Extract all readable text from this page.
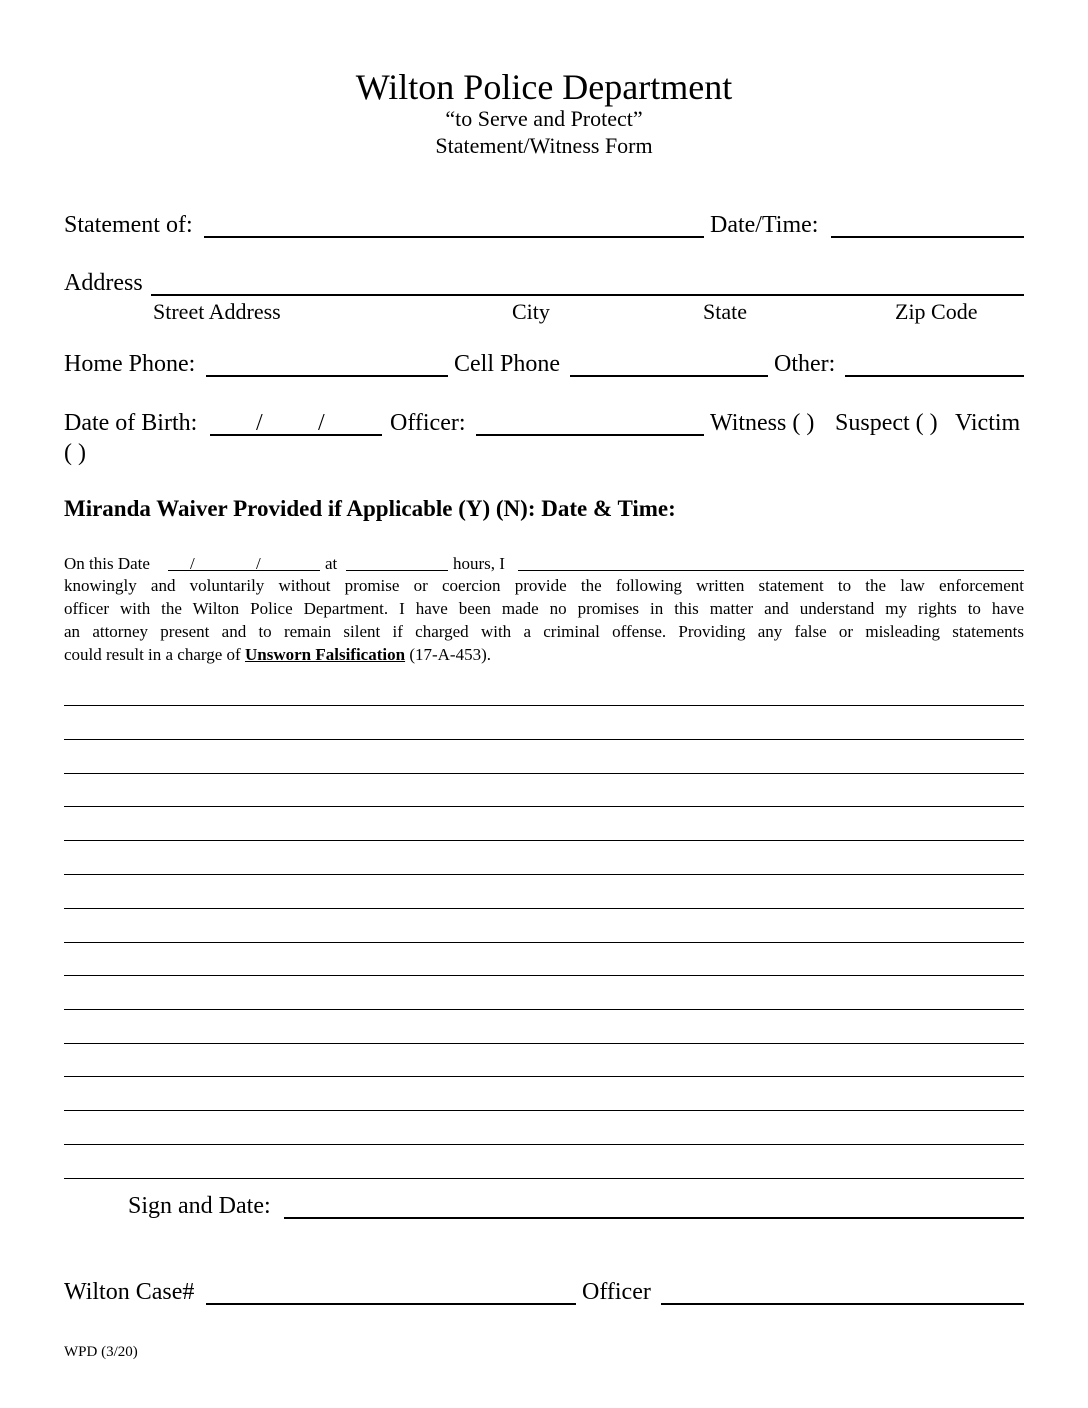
Wilton Police Department
“to Serve and Protect”
Statement/Witness Form
Statement of:	Date/Time:
Address
Street Address	City	State	Zip Code
Home Phone:	Cell Phone	Other:
Date of Birth: / /	Officer:	Witness ( ) Suspect ( ) Victim
( )
Miranda Waiver Provided if Applicable (Y) (N): Date & Time:
On this Date /	/	at	hours, I
knowingly and voluntarily without promise or coercion provide the following written statement to the law enforcement
officer with the Wilton Police Department. I have been made no promises in this matter and understand my rights to have
an attorney present and to remain silent if charged with a criminal offense. Providing any false or misleading statements
could result in a charge of Unsworn Falsification (17-A-453).
Sign and Date:
Wilton Case#	Officer
WPD (3/20)
